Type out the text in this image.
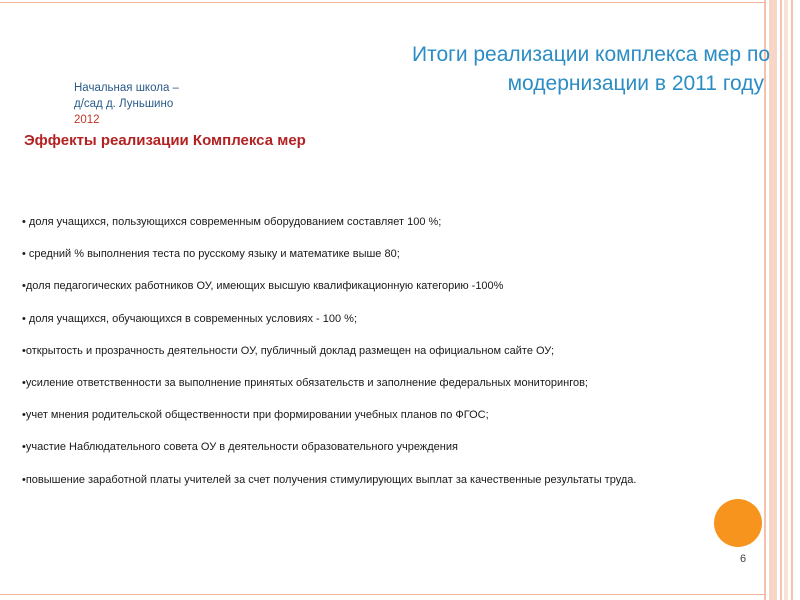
Итоги реализации комплекса мер по
модернизации в 2011 году
Начальная школа –
д/сад д. Луньшино
2012
Эффекты реализации Комплекса мер
• доля учащихся, пользующихся современным оборудованием составляет 100 %;
• средний % выполнения теста по русскому языку и математике выше 80;
•доля педагогических работников ОУ, имеющих высшую квалификационную категорию -100%
• доля учащихся, обучающихся в современных условиях - 100 %;
•открытость и прозрачность деятельности ОУ, публичный доклад размещен на официальном сайте ОУ;
•усиление ответственности за выполнение принятых обязательств и заполнение федеральных мониторингов;
•учет мнения родительской общественности при формировании учебных планов по ФГОС;
•участие Наблюдательного совета ОУ в деятельности образовательного учреждения
•повышение заработной платы учителей за счет получения стимулирующих выплат за качественные результаты труда.
6
